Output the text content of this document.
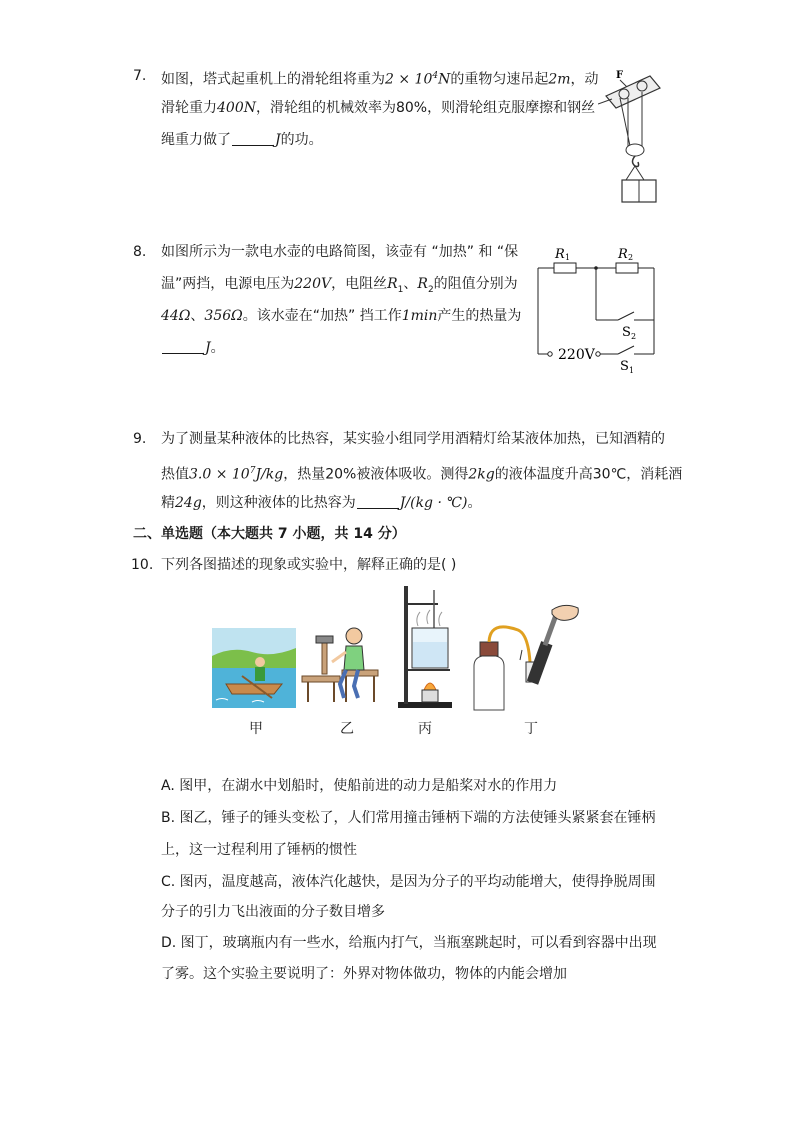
7. 如图，塔式起重机上的滑轮组将重为$2 \times 10^4N$的重物匀速吊起2m，动
滑轮重力400N，滑轮组的机械效率为80%，则滑轮组克服摩擦和钢丝
绳重力做了	J的功。
F
8. 如图所示为一款电水壶的电路简图，该壶有 “加热” 和 “保
温”两挡，电源电压为220V，电阻丝$R_1$、$R_2$的阻值分别为
44Ω、356Ω。该水壶在“加热” 挡工作1min产生的热量为
J。
R 1	R 2
S 2
S 1
220V
9. 为了测量某种液体的比热容，某实验小组同学用酒精灯给某液体加热，已知酒精的
热值$3.0 \times 10^7J/kg$，热量20%被液体吸收。测得2kg的液体温度升高30℃，消耗酒
精24g，则这种液体的比热容为	J/(kg · ℃)。
二、单选题（本大题共 7 小题，共 14 分）
10. 下列各图描述的现象或实验中，解释正确的是( )
甲	乙	丙	丁
A. 图甲，在湖水中划船时，使船前进的动力是船桨对水的作用力
B. 图乙，锤子的锤头变松了，人们常用撞击锤柄下端的方法使锤头紧紧套在锤柄
上，这一过程利用了锤柄的惯性
C. 图丙，温度越高，液体汽化越快，是因为分子的平均动能增大，使得挣脱周围
分子的引力飞出液面的分子数目增多
D. 图丁，玻璃瓶内有一些水，给瓶内打气，当瓶塞跳起时，可以看到容器中出现
了雾。这个实验主要说明了：外界对物体做功，物体的内能会增加
